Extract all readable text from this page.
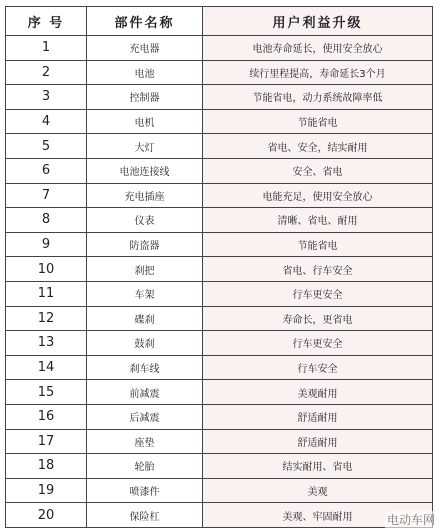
序 号	部件名称	用户利益升级
1	充电器	电池寿命延长，使用安全放心
2	电池	续行里程提高，寿命延长3个月
3	控制器	节能省电，动力系统故障率低
4	电机	节能省电
5	大灯	省电、安全，结实耐用
6	电池连接线	安全、省电
7	充电插座	电能充足，使用安全放心
8	仪表	清晰、省电、耐用
9	防盗器	节能省电
10	刹把	省电、行车安全
11	车架	行车更安全
12	碟刹	寿命长，更省电
13	鼓刹	行车更安全
14	刹车线	行车安全
15	前减震	美观耐用
16	后减震	舒适耐用
17	座垫	舒适耐用
18	轮胎	结实耐用、省电
19	喷漆件	美观
20	保险杠	美观、牢固耐用	电动车网
